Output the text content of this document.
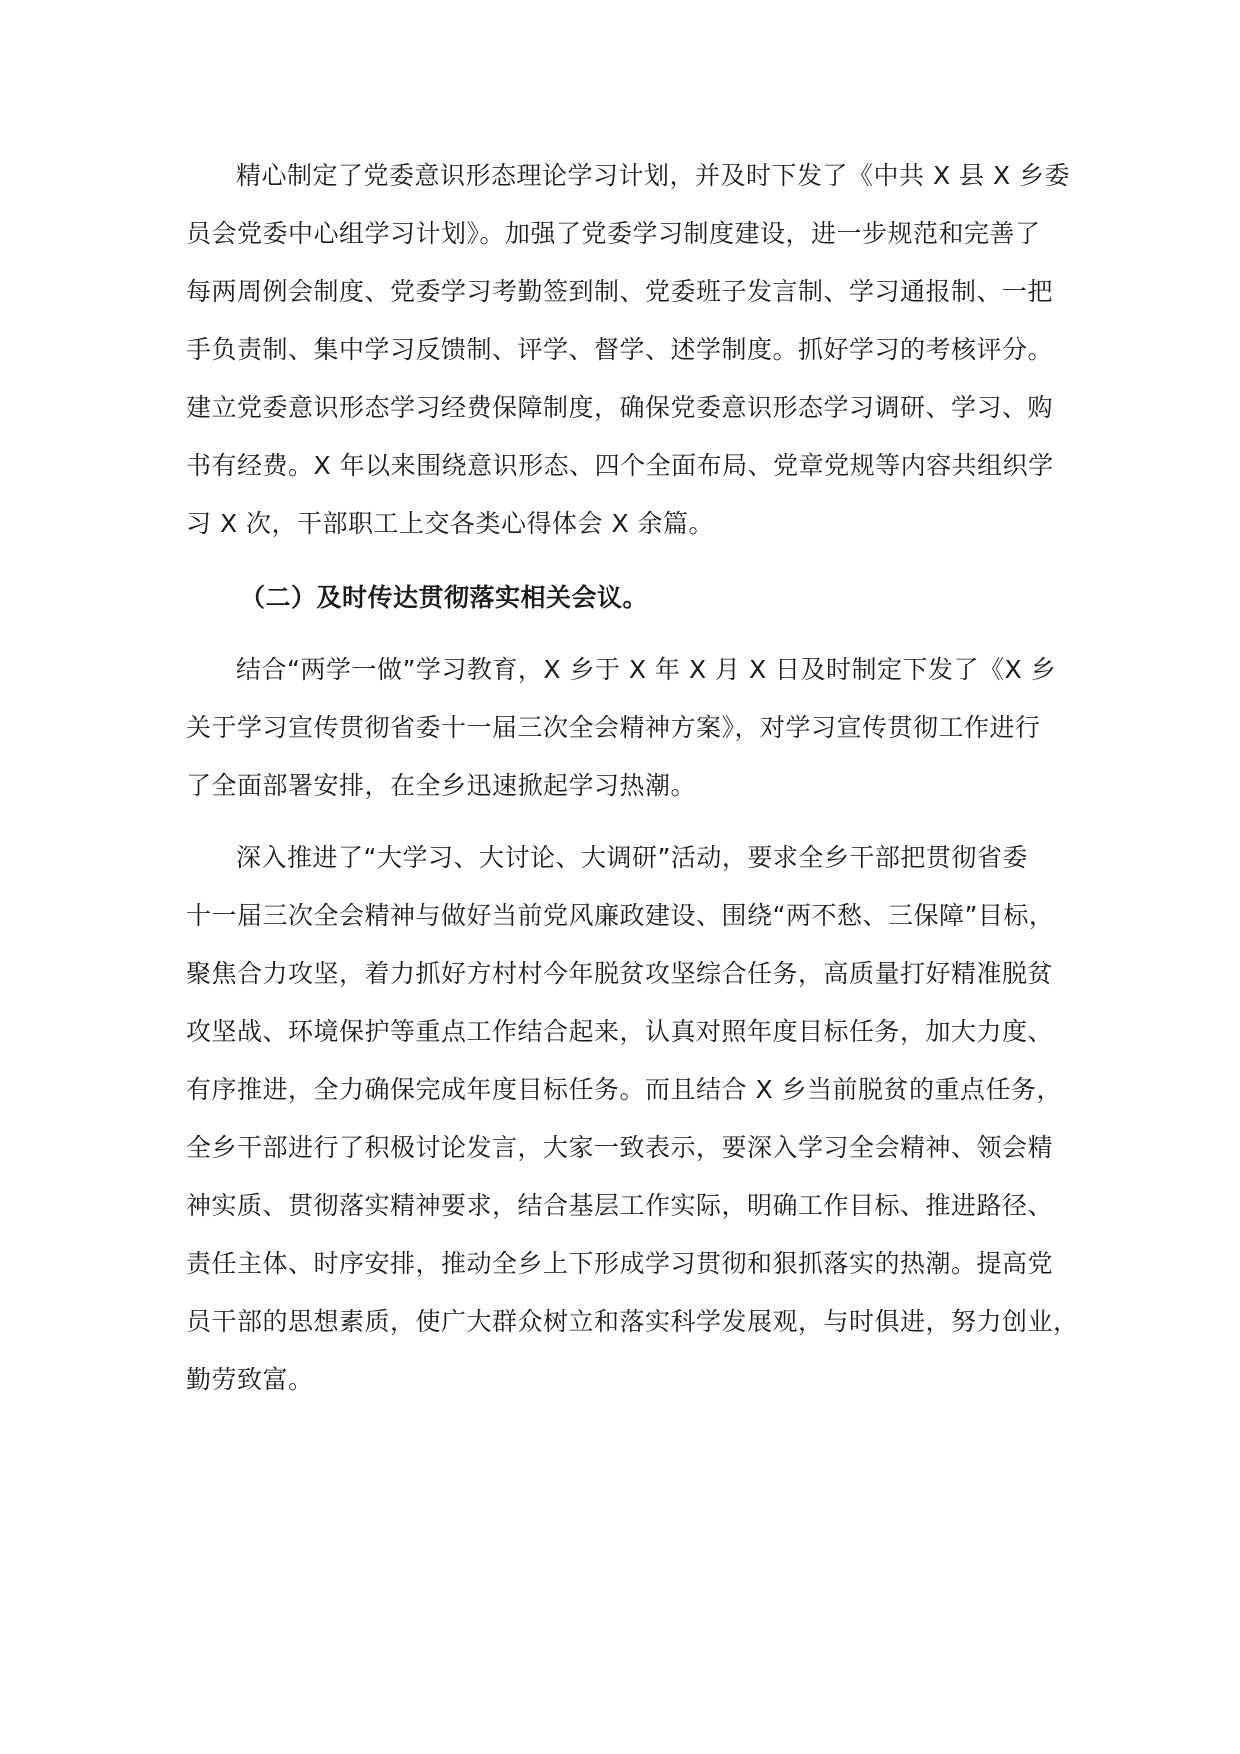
精心制定了党委意识形态理论学习计划，并及时下发了《中共 X 县 X 乡委
员会党委中心组学习计划》。加强了党委学习制度建设，进一步规范和完善了
每两周例会制度、党委学习考勤签到制、党委班子发言制、学习通报制、一把
手负责制、集中学习反馈制、评学、督学、述学制度。抓好学习的考核评分。
建立党委意识形态学习经费保障制度，确保党委意识形态学习调研、学习、购
书有经费。X 年以来围绕意识形态、四个全面布局、党章党规等内容共组织学
习 X 次，干部职工上交各类心得体会 X 余篇。
（二）及时传达贯彻落实相关会议。
结合“两学一做”学习教育，X 乡于 X 年 X 月 X 日及时制定下发了《X 乡
关于学习宣传贯彻省委十一届三次全会精神方案》，对学习宣传贯彻工作进行
了全面部署安排，在全乡迅速掀起学习热潮。
深入推进了“大学习、大讨论、大调研”活动，要求全乡干部把贯彻省委
十一届三次全会精神与做好当前党风廉政建设、围绕“两不愁、三保障”目标，
聚焦合力攻坚，着力抓好方村村今年脱贫攻坚综合任务，高质量打好精准脱贫
攻坚战、环境保护等重点工作结合起来，认真对照年度目标任务，加大力度、
有序推进，全力确保完成年度目标任务。而且结合 X 乡当前脱贫的重点任务，
全乡干部进行了积极讨论发言，大家一致表示，要深入学习全会精神、领会精
神实质、贯彻落实精神要求，结合基层工作实际，明确工作目标、推进路径、
责任主体、时序安排，推动全乡上下形成学习贯彻和狠抓落实的热潮。提高党
员干部的思想素质，使广大群众树立和落实科学发展观，与时俱进，努力创业，
勤劳致富。
